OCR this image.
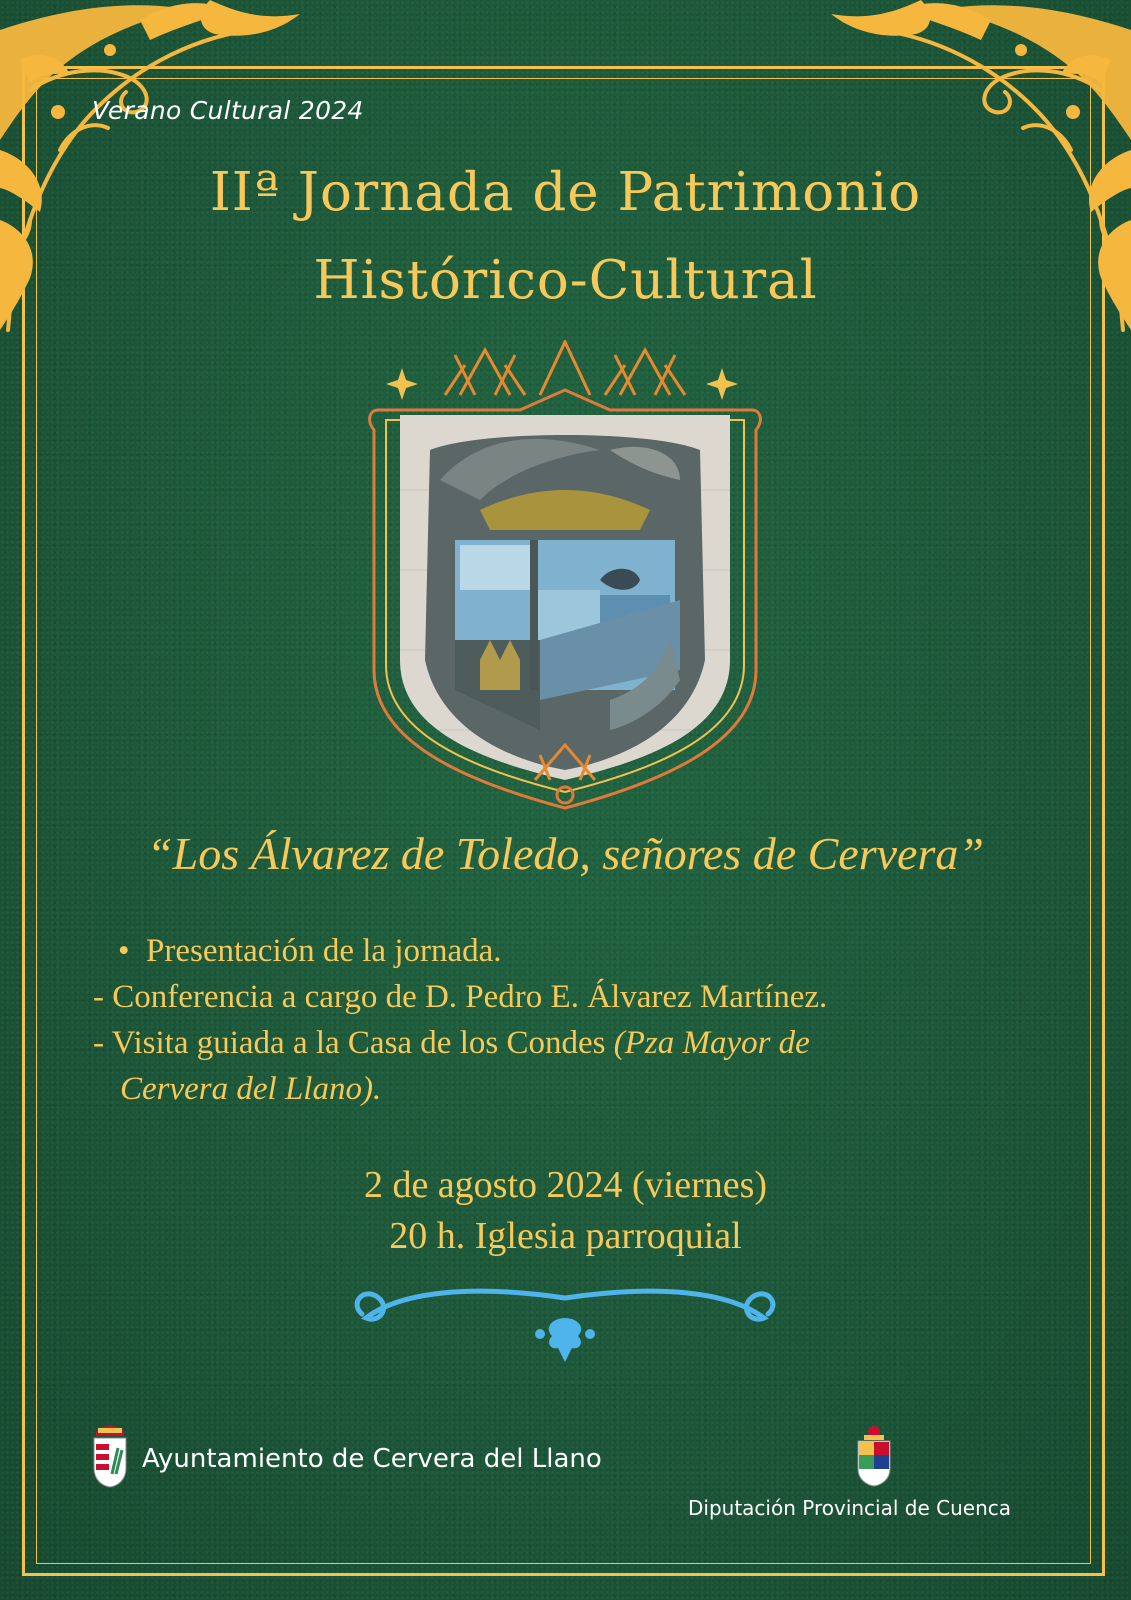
Verano Cultural 2024
IIª Jornada de Patrimonio
Histórico-Cultural
“Los Álvarez de Toledo, señores de Cervera”
• Presentación de la jornada.
- Conferencia a cargo de D. Pedro E. Álvarez Martínez.
- Visita guiada a la Casa de los Condes (Pza Mayor de
Cervera del Llano).
2 de agosto 2024 (viernes)
20 h. Iglesia parroquial
Ayuntamiento de Cervera del Llano
Diputación Provincial de Cuenca
